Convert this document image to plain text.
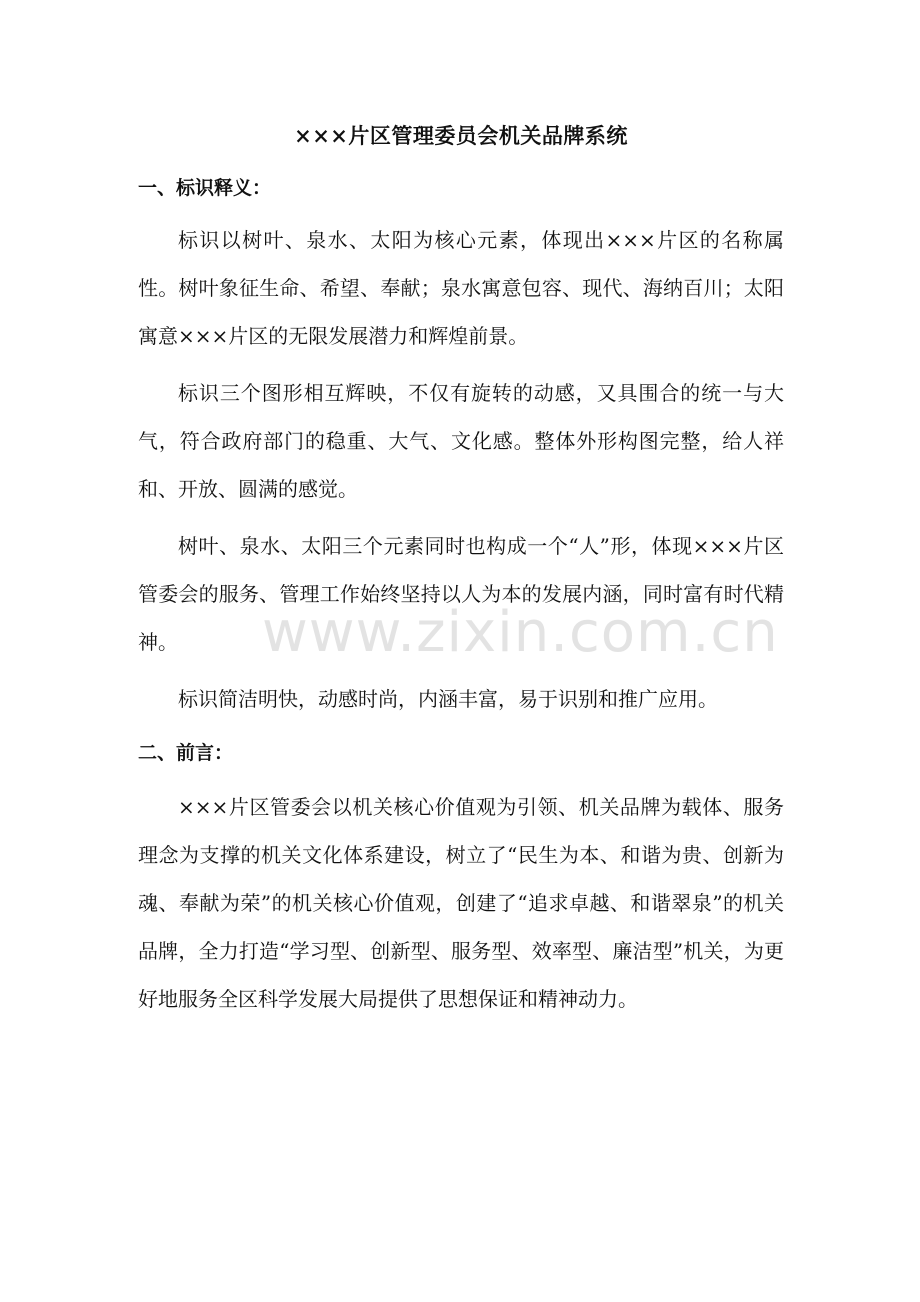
×××片区管理委员会机关品牌系统
一、标识释义：

标识以树叶、泉水、太阳为核心元素，体现出×××片区的名称属性。树叶象征生命、希望、奉献；泉水寓意包容、现代、海纳百川；太阳寓意×××片区的无限发展潜力和辉煌前景。

标识三个图形相互辉映，不仅有旋转的动感，又具围合的统一与大气，符合政府部门的稳重、大气、文化感。整体外形构图完整，给人祥和、开放、圆满的感觉。

树叶、泉水、太阳三个元素同时也构成一个“人”形，体现×××片区管委会的服务、管理工作始终坚持以人为本的发展内涵，同时富有时代精神。

标识简洁明快，动感时尚，内涵丰富，易于识别和推广应用。

二、前言：

×××片区管委会以机关核心价值观为引领、机关品牌为载体、服务理念为支撑的机关文化体系建设，树立了“民生为本、和谐为贵、创新为魂、奉献为荣”的机关核心价值观，创建了“追求卓越、和谐翠泉”的机关品牌，全力打造“学习型、创新型、服务型、效率型、廉洁型”机关，为更好地服务全区科学发展大局提供了思想保证和精神动力。

www.zixin.com.cn
